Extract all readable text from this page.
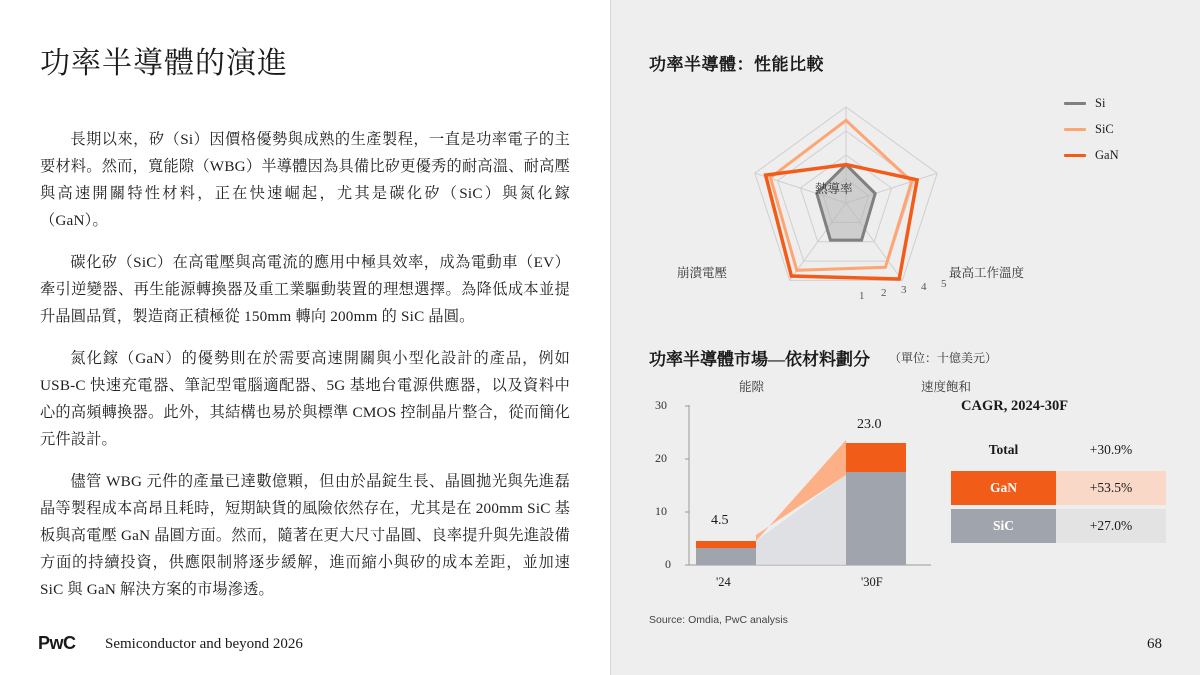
功率半導體的演進

長期以來，矽（Si）因價格優勢與成熟的生產製程，一直是功率電子的主要材料。然而，寬能隙（WBG）半導體因為具備比矽更優秀的耐高溫、耐高壓與高速開關特性材料，正在快速崛起，尤其是碳化矽（SiC）與氮化鎵（GaN）。

碳化矽（SiC）在高電壓與高電流的應用中極具效率，成為電動車（EV）牽引逆變器、再生能源轉換器及重工業驅動裝置的理想選擇。為降低成本並提升晶圓品質，製造商正積極從 150mm 轉向 200mm 的 SiC 晶圓。

氮化鎵（GaN）的優勢則在於需要高速開關與小型化設計的產品，例如 USB-C 快速充電器、筆記型電腦適配器、5G 基地台電源供應器，以及資料中心的高頻轉換器。此外，其結構也易於與標準 CMOS 控制晶片整合，從而簡化元件設計。

儘管 WBG 元件的產量已達數億顆，但由於晶錠生長、晶圓拋光與先進磊晶等製程成本高昂且耗時，短期缺貨的風險依然存在，尤其是在 200mm SiC 基板與高電壓 GaN 晶圓方面。然而，隨著在更大尺寸晶圓、良率提升與先進設備方面的持續投資，供應限制將逐步緩解，進而縮小與矽的成本差距，並加速 SiC 與 GaN 解決方案的市場滲透。

功率半導體：性能比較
熱導率
最高工作溫度
速度飽和
能隙
崩潰電壓
1 2 3 4 5
Si
SiC
GaN
功率半導體市場—依材料劃分 （單位：十億美元）
30
20
10
0
4.5
23.0
'24	'30F
CAGR, 2024-30F
Total	+30.9%
GaN	+53.5%
SiC	+27.0%
Source: Omdia, PwC analysis
PwC Semiconductor and beyond 2026	68
